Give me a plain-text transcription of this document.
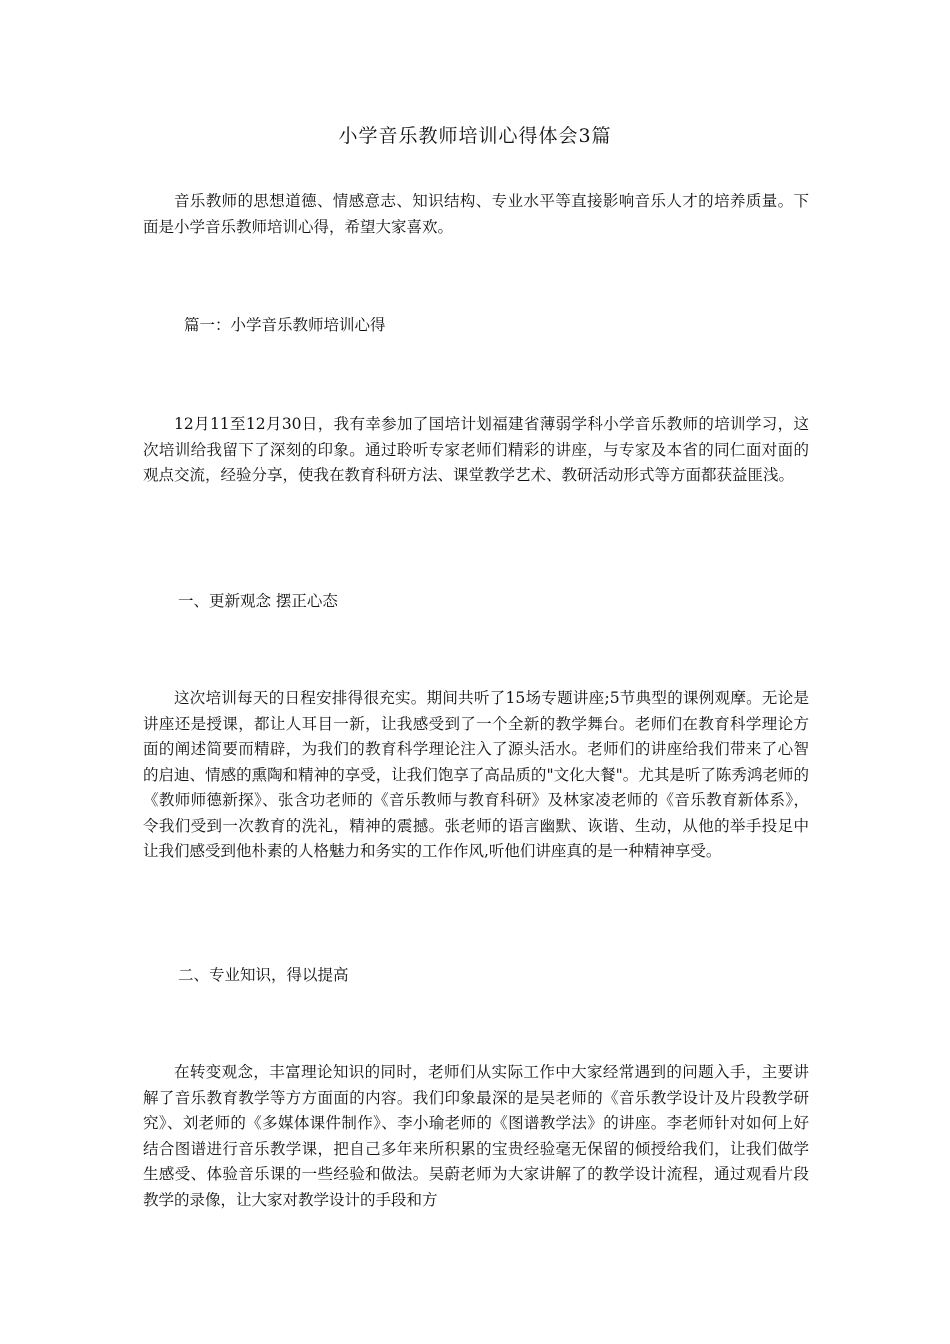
小学音乐教师培训心得体会3篇

音乐教师的思想道德、情感意志、知识结构、专业水平等直接影响音乐人才的培养质量。下面是小学音乐教师培训心得，希望大家喜欢。

篇一：小学音乐教师培训心得

12月11至12月30日，我有幸参加了国培计划福建省薄弱学科小学音乐教师的培训学习，这次培训给我留下了深刻的印象。通过聆听专家老师们精彩的讲座，与专家及本省的同仁面对面的观点交流，经验分享，使我在教育科研方法、课堂教学艺术、教研活动形式等方面都获益匪浅。

一、更新观念 摆正心态

这次培训每天的日程安排得很充实。期间共听了15场专题讲座;5节典型的课例观摩。无论是讲座还是授课，都让人耳目一新，让我感受到了一个全新的教学舞台。老师们在教育科学理论方面的阐述简要而精辟，为我们的教育科学理论注入了源头活水。老师们的讲座给我们带来了心智的启迪、情感的熏陶和精神的享受，让我们饱享了高品质的"文化大餐"。尤其是听了陈秀鸿老师的《教师师德新探》、张含功老师的《音乐教师与教育科研》及林家凌老师的《音乐教育新体系》，令我们受到一次教育的洗礼，精神的震撼。张老师的语言幽默、诙谐、生动，从他的举手投足中让我们感受到他朴素的人格魅力和务实的工作作风,听他们讲座真的是一种精神享受。

二、专业知识，得以提高

在转变观念，丰富理论知识的同时，老师们从实际工作中大家经常遇到的问题入手，主要讲解了音乐教育教学等方方面面的内容。我们印象最深的是吴老师的《音乐教学设计及片段教学研究》、刘老师的《多媒体课件制作》、李小瑜老师的《图谱教学法》的讲座。李老师针对如何上好结合图谱进行音乐教学课，把自己多年来所积累的宝贵经验毫无保留的倾授给我们，让我们做学生感受、体验音乐课的一些经验和做法。吴蔚老师为大家讲解了的教学设计流程，通过观看片段教学的录像，让大家对教学设计的手段和方
